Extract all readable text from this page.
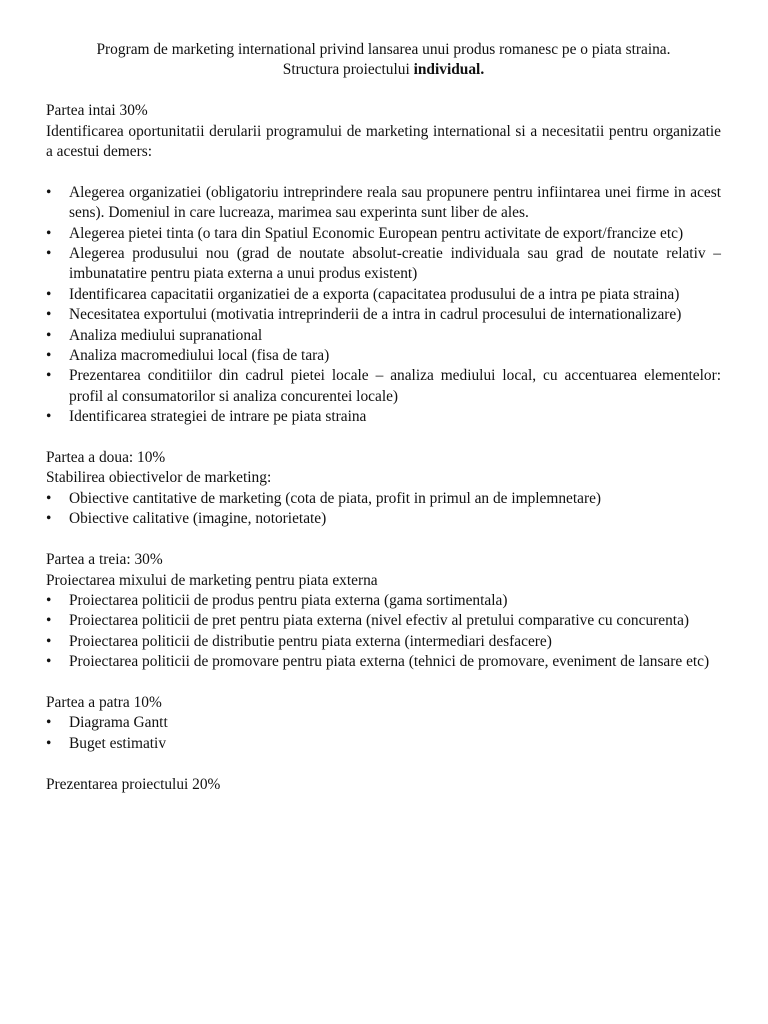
Program de marketing international privind lansarea unui produs romanesc pe o piata straina.
Structura proiectului individual.

Partea intai 30%

Identificarea oportunitatii derularii programului de marketing international si a necesitatii pentru organizatie a acestui demers:

•	Alegerea organizatiei (obligatoriu intreprindere reala sau propunere pentru infiintarea unei firme in acest sens). Domeniul in care lucreaza, marimea sau experinta sunt liber de ales.
•	Alegerea pietei tinta (o tara din Spatiul Economic European pentru activitate de export/francize etc)
•	Alegerea produsului nou (grad de noutate absolut-creatie individuala sau grad de noutate relativ – imbunatatire pentru piata externa a unui produs existent)
•	Identificarea capacitatii organizatiei de a exporta (capacitatea produsului de a intra pe piata straina)
•	Necesitatea exportului (motivatia intreprinderii de a intra in cadrul procesului de internationalizare)
•	Analiza mediului supranational
•	Analiza macromediului local (fisa de tara)
•	Prezentarea conditiilor din cadrul pietei locale – analiza mediului local, cu accentuarea elementelor: profil al consumatorilor si analiza concurentei locale)
•	Identificarea strategiei de intrare pe piata straina

Partea a doua: 10%

Stabilirea obiectivelor de marketing:

•	Obiective cantitative de marketing (cota de piata, profit in primul an de implemnetare)
•	Obiective calitative (imagine, notorietate)

Partea a treia: 30%

Proiectarea mixului de marketing pentru piata externa

•	Proiectarea politicii de produs pentru piata externa (gama sortimentala)
•	Proiectarea politicii de pret pentru piata externa (nivel efectiv al pretului comparative cu concurenta)
•	Proiectarea politicii de distributie pentru piata externa (intermediari desfacere)
•	Proiectarea politicii de promovare pentru piata externa (tehnici de promovare, eveniment de lansare etc)

Partea a patra 10%

•	Diagrama Gantt
•	Buget estimativ

Prezentarea proiectului 20%
